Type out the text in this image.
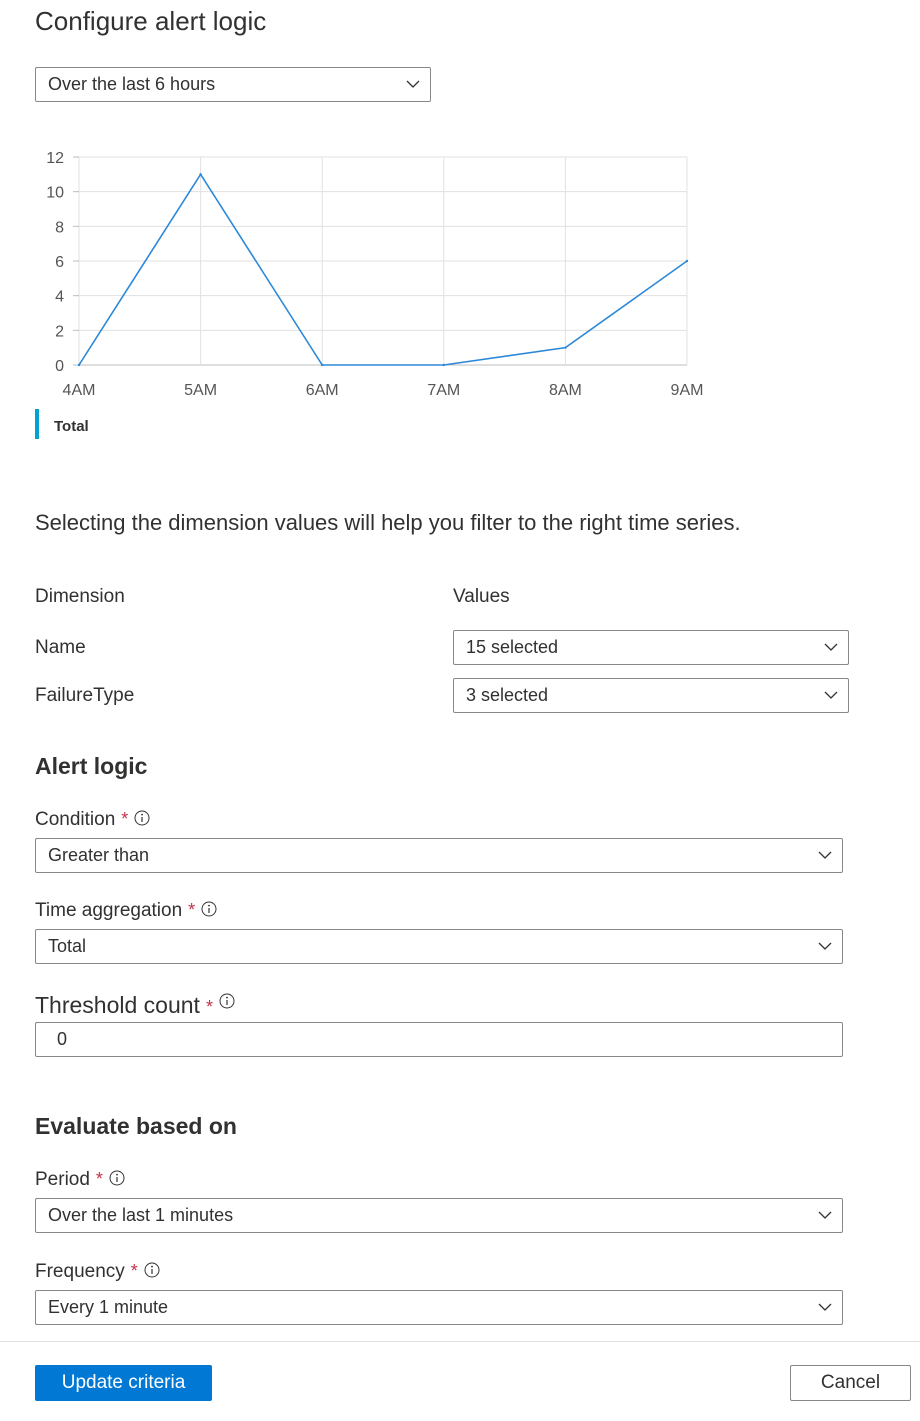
Configure alert logic
Over the last 6 hours
0
2
4
6
8
10
12
4AM	5AM	6AM	7AM	8AM	9AM
Total
Selecting the dimension values will help you filter to the right time series.
Dimension	Values
Name	15 selected
FailureType	3 selected
Alert logic
Condition *
Greater than
Time aggregation *
Total
Threshold count *
0
Evaluate based on
Period *
Over the last 1 minutes
Frequency *
Every 1 minute
Update criteria	Cancel
